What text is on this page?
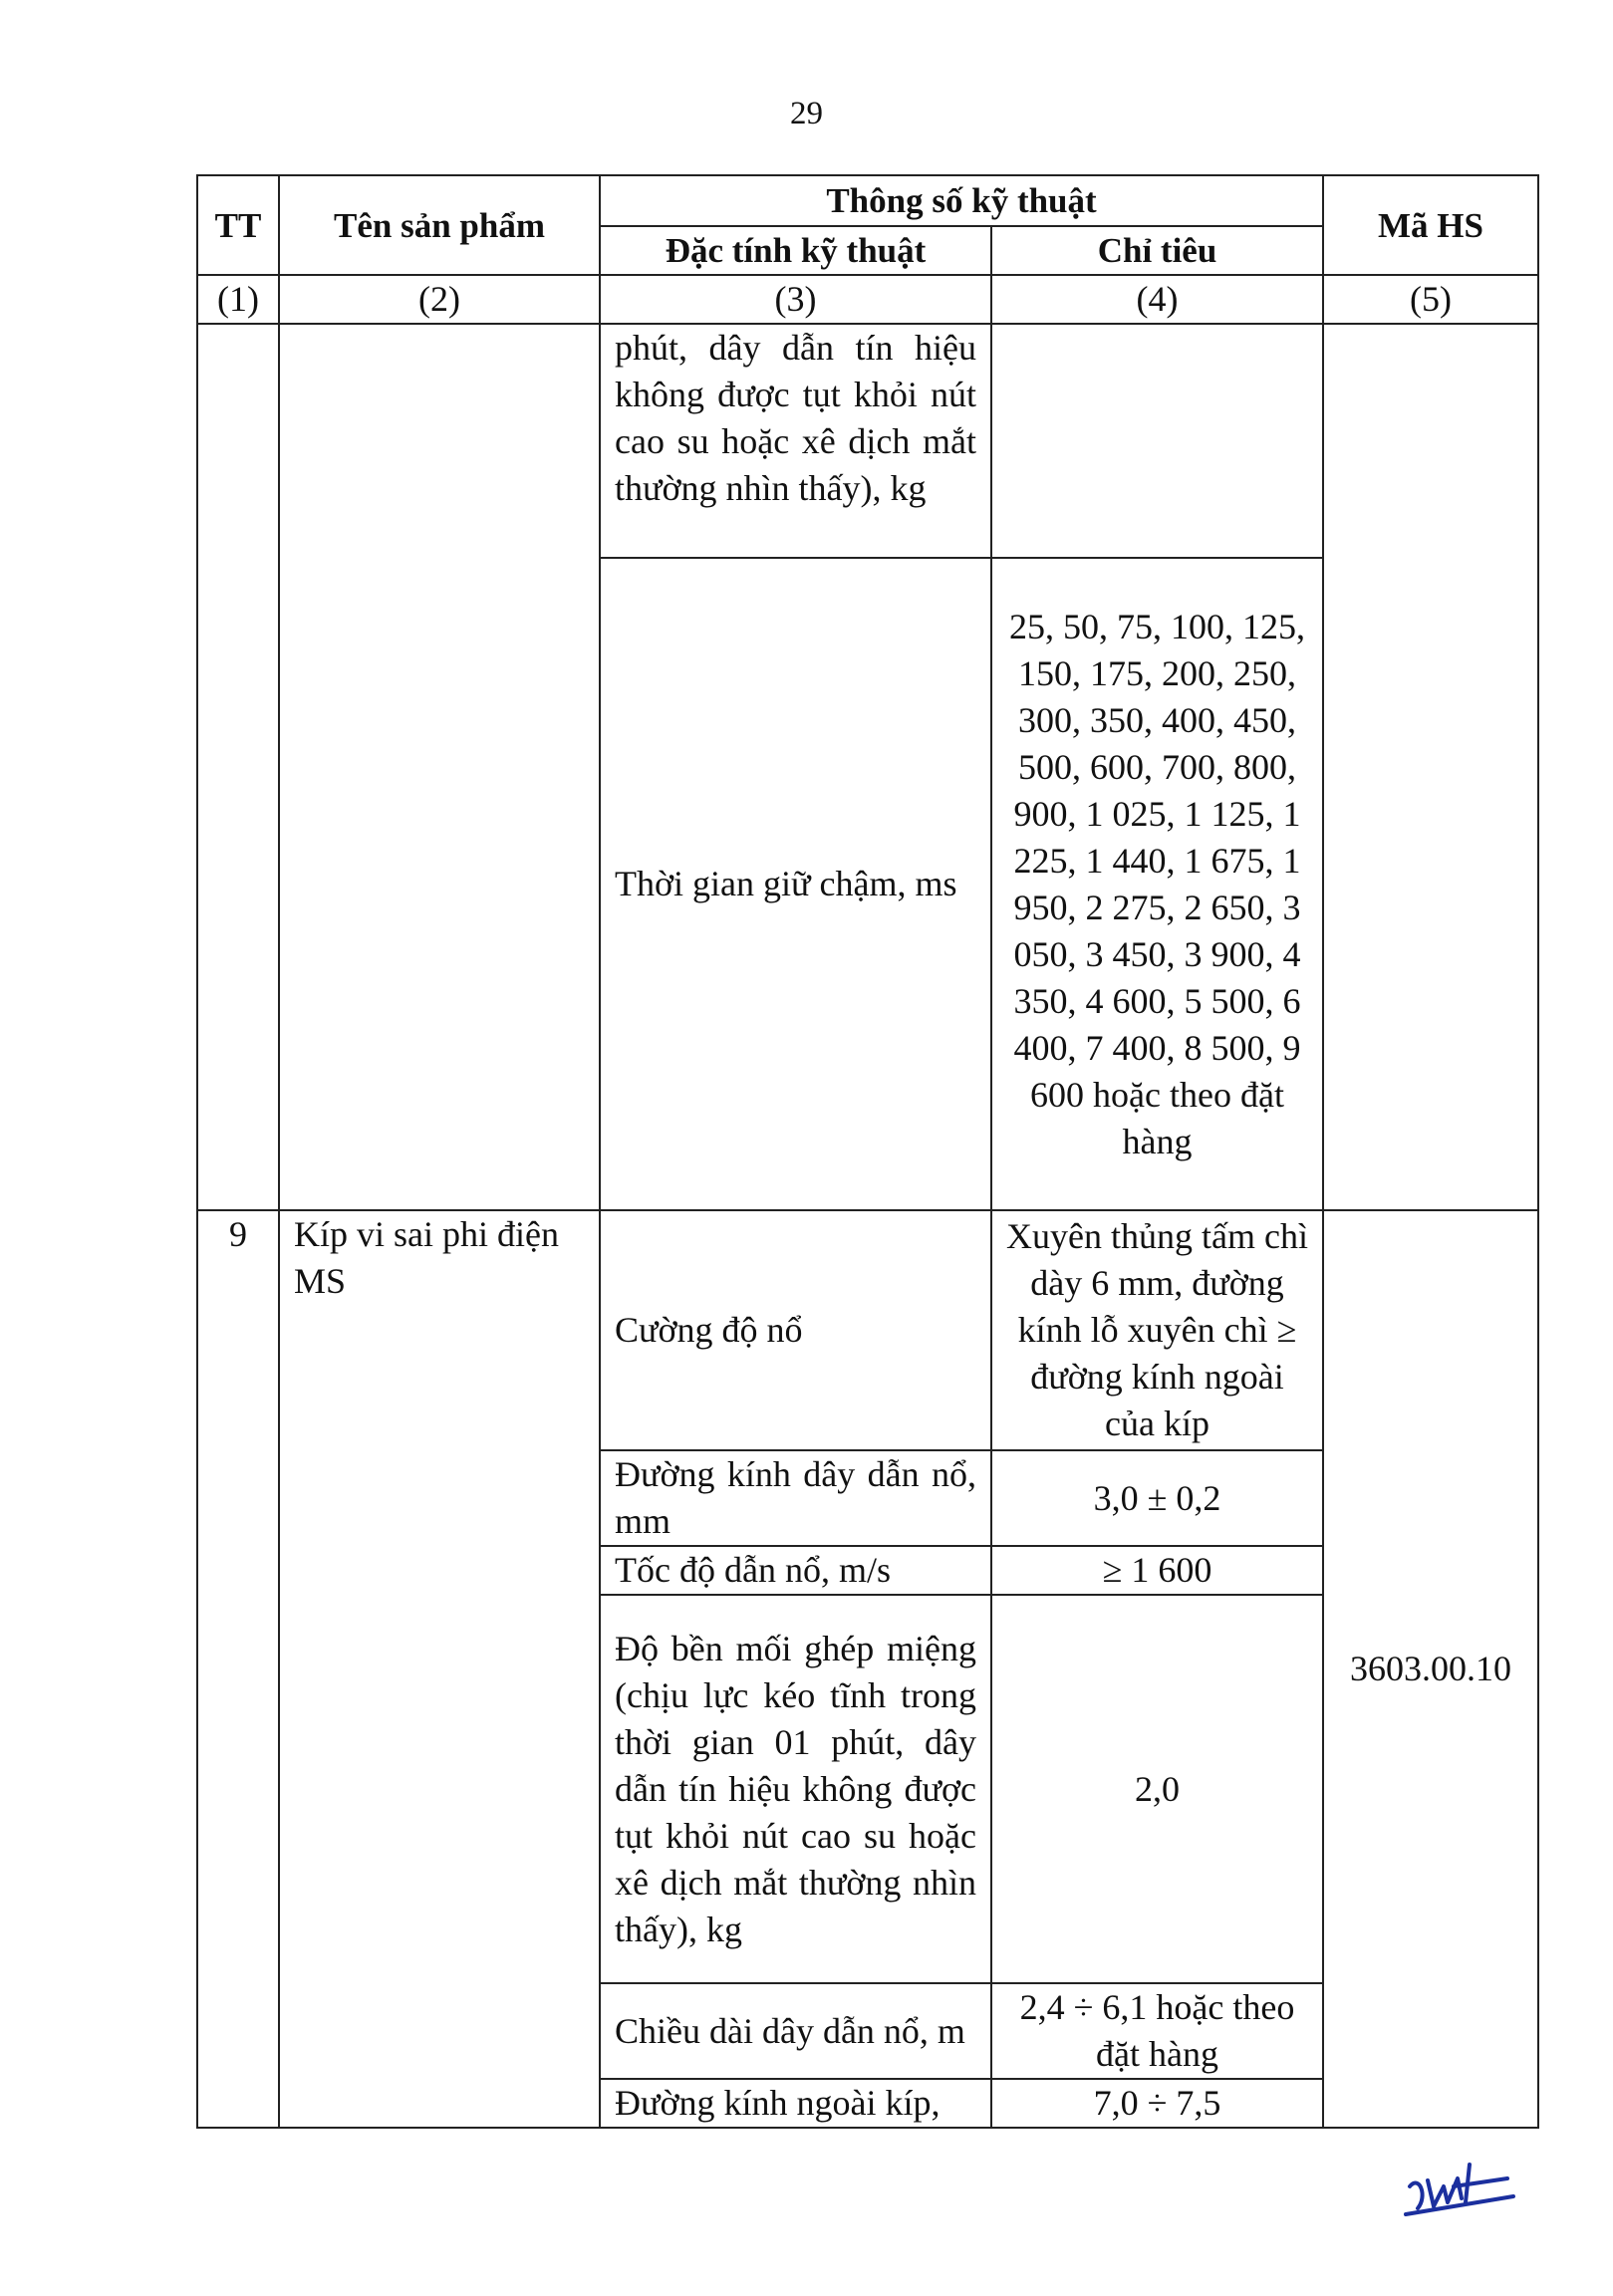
29
TT	Tên sản phẩm	Thông số kỹ thuật		Mã HS
		Đặc tính kỹ thuật	Chỉ tiêu	
(1)	(2)	(3)	(4)	(5)
		phút, dây dẫn tín hiệu không được tụt khỏi nút cao su hoặc xê dịch mắt thường nhìn thấy), kg		
		Thời gian giữ chậm, ms	25, 50, 75, 100, 125, 150, 175, 200, 250, 300, 350, 400, 450, 500, 600, 700, 800, 900, 1 025, 1 125, 1 225, 1 440, 1 675, 1 950, 2 275, 2 650, 3 050, 3 450, 3 900, 4 350, 4 600, 5 500, 6 400, 7 400, 8 500, 9 600 hoặc theo đặt hàng	
9	Kíp vi sai phi điện MS	Cường độ nổ	Xuyên thủng tấm chì dày 6 mm, đường kính lỗ xuyên chì ≥ đường kính ngoài của kíp	3603.00.10
		Đường kính dây dẫn nổ, mm	3,0 ± 0,2	
		Tốc độ dẫn nổ, m/s	≥ 1 600	
		Độ bền mối ghép miệng (chịu lực kéo tĩnh trong thời gian 01 phút, dây dẫn tín hiệu không được tụt khỏi nút cao su hoặc xê dịch mắt thường nhìn thấy), kg	2,0	
		Chiều dài dây dẫn nổ, m	2,4 ÷ 6,1 hoặc theo đặt hàng	
		Đường kính ngoài kíp,	7,0 ÷ 7,5	
